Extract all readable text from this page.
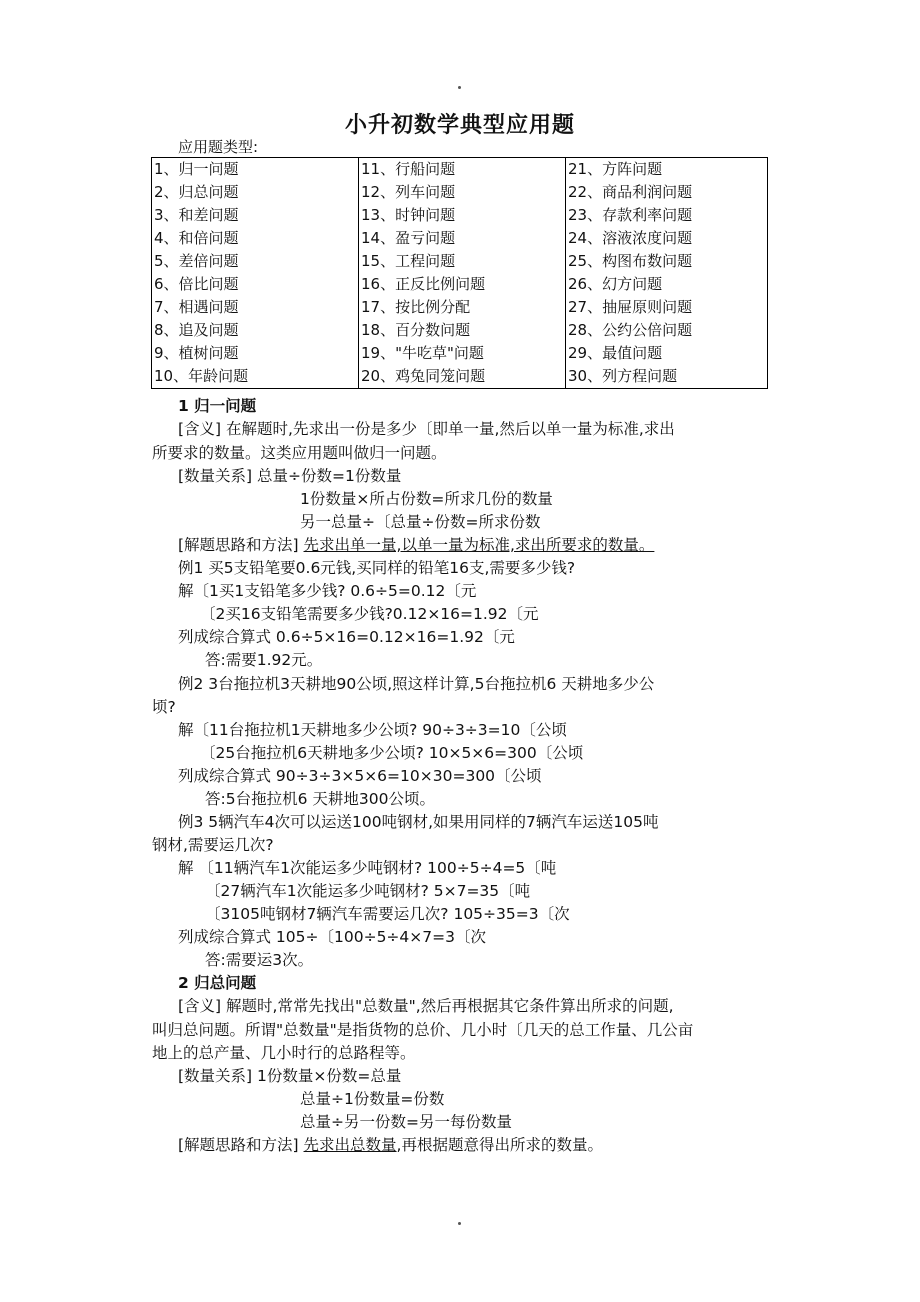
小升初数学典型应用题
应用题类型:
1、归一问题	11、行船问题	21、方阵问题
2、归总问题	12、列车问题	22、商品利润问题
3、和差问题	13、时钟问题	23、存款利率问题
4、和倍问题	14、盈亏问题	24、溶液浓度问题
5、差倍问题	15、工程问题	25、构图布数问题
6、倍比问题	16、正反比例问题	26、幻方问题
7、相遇问题	17、按比例分配	27、抽屉原则问题
8、追及问题	18、百分数问题	28、公约公倍问题
9、植树问题	19、"牛吃草"问题	29、最值问题
10、年龄问题	20、鸡兔同笼问题	30、列方程问题
1 归一问题
[含义] 在解题时,先求出一份是多少〔即单一量,然后以单一量为标准,求出
所要求的数量。这类应用题叫做归一问题。
[数量关系] 总量÷份数=1份数量
1份数量×所占份数=所求几份的数量
另一总量÷〔总量÷份数=所求份数
[解题思路和方法] 先求出单一量,以单一量为标准,求出所要求的数量。
例1 买5支铅笔要0.6元钱,买同样的铅笔16支,需要多少钱?
解〔1买1支铅笔多少钱? 0.6÷5=0.12〔元
〔2买16支铅笔需要多少钱?0.12×16=1.92〔元
列成综合算式 0.6÷5×16=0.12×16=1.92〔元
答:需要1.92元。
例2 3台拖拉机3天耕地90公顷,照这样计算,5台拖拉机6 天耕地多少公
顷?
解〔11台拖拉机1天耕地多少公顷? 90÷3÷3=10〔公顷
〔25台拖拉机6天耕地多少公顷? 10×5×6=300〔公顷
列成综合算式 90÷3÷3×5×6=10×30=300〔公顷
答:5台拖拉机6 天耕地300公顷。
例3 5辆汽车4次可以运送100吨钢材,如果用同样的7辆汽车运送105吨
钢材,需要运几次?
解 〔11辆汽车1次能运多少吨钢材? 100÷5÷4=5〔吨
〔27辆汽车1次能运多少吨钢材? 5×7=35〔吨
〔3105吨钢材7辆汽车需要运几次? 105÷35=3〔次
列成综合算式 105÷〔100÷5÷4×7=3〔次
答:需要运3次。
2 归总问题
[含义] 解题时,常常先找出"总数量",然后再根据其它条件算出所求的问题,
叫归总问题。所谓"总数量"是指货物的总价、几小时〔几天的总工作量、几公亩
地上的总产量、几小时行的总路程等。
[数量关系] 1份数量×份数=总量
总量÷1份数量=份数
总量÷另一份数=另一每份数量
[解题思路和方法] 先求出总数量,再根据题意得出所求的数量。
